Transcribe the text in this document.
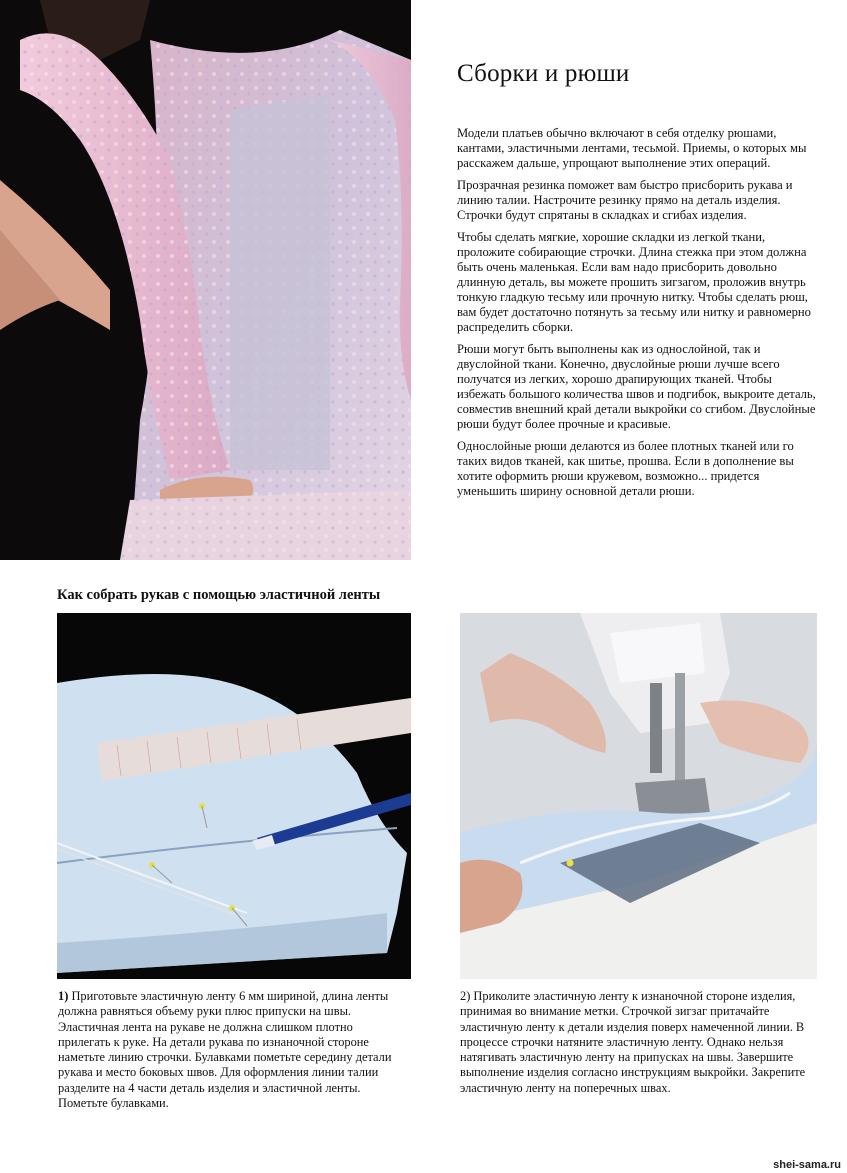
Сборки и рюши

Модели платьев обычно включают в себя отделку рюшами, кантами, эластичными лентами, тесьмой. Приемы, о которых мы расскажем дальше, упрощают выполнение этих операций.

Прозрачная резинка поможет вам быстро присборить рукава и линию талии. Настрочите резинку прямо на деталь изделия. Строчки будут спрятаны в складках и сгибах изделия.

Чтобы сделать мягкие, хорошие складки из легкой ткани, проложите собирающие строчки. Длина стежка при этом должна быть очень маленькая. Если вам надо присборить довольно длинную деталь, вы можете прошить зигзагом, проложив внутрь тонкую гладкую тесьму или прочную нитку. Чтобы сделать рюш, вам будет достаточно потянуть за тесьму или нитку и равномерно распределить сборки.

Рюши могут быть выполнены как из однослойной, так и двуслойной ткани. Конечно, двуслойные рюши лучше всего получатся из легких, хорошо драпирующих тканей. Чтобы избежать большого количества швов и подгибок, выкроите деталь, совместив внешний край детали выкройки со сгибом. Двуслойные рюши будут более прочные и красивые.

Однослойные рюши делаются из более плотных тканей или го таких видов тканей, как шитье, прошва. Если в дополнение вы хотите оформить рюши кружевом, возможно... придется уменьшить ширину основной детали рюши.

Как собрать рукав с помощью эластичной ленты

1) Приготовьте эластичную ленту 6 мм шириной, длина ленты должна равняться объему руки плюс припуски на швы. Эластичная лента на рукаве не должна слишком плотно прилегать к руке. На детали рукава по изнаночной стороне наметьте линию строчки. Булавками пометьте середину детали рукава и место боковых швов. Для оформления линии талии разделите на 4 части деталь изделия и эластичной ленты. Пометьте булавками.

2) Приколите эластичную ленту к изнаночной стороне изделия, принимая во внимание метки. Строчкой зигзаг притачайте эластичную ленту к детали изделия поверх намеченной линии. В процессе строчки натяните эластичную ленту. Однако нельзя натягивать эластичную ленту на припусках на швы. Завершите выполнение изделия согласно инструкциям выкройки. Закрепите эластичную ленту на поперечных швах.

shei-sama.ru
